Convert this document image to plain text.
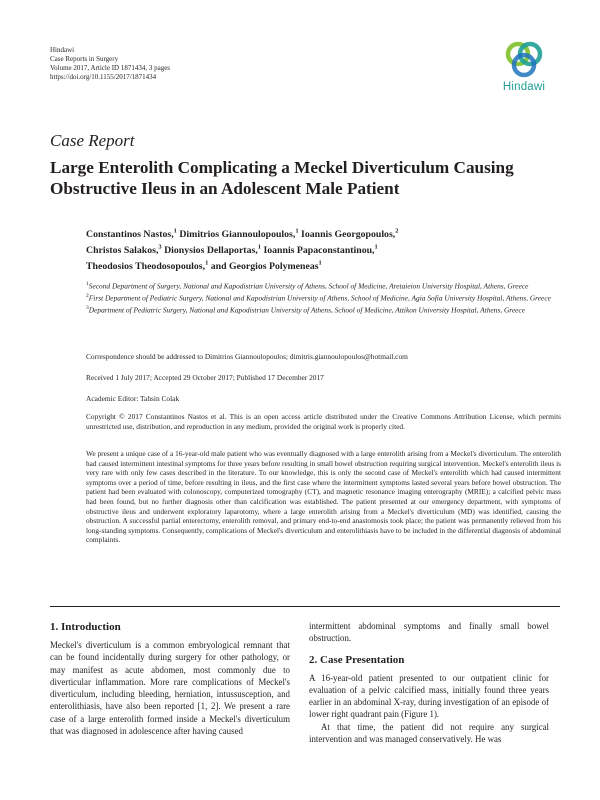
Hindawi
Case Reports in Surgery
Volume 2017, Article ID 1871434, 3 pages
https://doi.org/10.1155/2017/1871434
Hindawi
Case Report
Large Enterolith Complicating a Meckel Diverticulum Causing Obstructive Ileus in an Adolescent Male Patient
Constantinos Nastos,$^1$ Dimitrios Giannoulopoulos,$^1$ Ioannis Georgopoulos,$^2$
Christos Salakos,$^3$ Dionysios Dellaportas,$^1$ Ioannis Papaconstantinou,$^1$
Theodosios Theodosopoulos,$^1$ and Georgios Polymeneas$^1$
$^1$Second Department of Surgery, National and Kapodistrian University of Athens, School of Medicine, Aretaieion University Hospital, Athens, Greece
$^2$First Department of Pediatric Surgery, National and Kapodistrian University of Athens, School of Medicine, Agia Sofia University Hospital, Athens, Greece
$^3$Department of Pediatric Surgery, National and Kapodistrian University of Athens, School of Medicine, Attikon University Hospital, Athens, Greece
Correspondence should be addressed to Dimitrios Giannoulopoulos; dimitris.giannoulopoulos@hotmail.com
Received 1 July 2017; Accepted 29 October 2017; Published 17 December 2017
Academic Editor: Tahsin Colak
Copyright © 2017 Constantinos Nastos et al. This is an open access article distributed under the Creative Commons Attribution License, which permits unrestricted use, distribution, and reproduction in any medium, provided the original work is properly cited.
We present a unique case of a 16-year-old male patient who was eventually diagnosed with a large enterolith arising from a Meckel's diverticulum. The enterolith had caused intermittent intestinal symptoms for three years before resulting in small bowel obstruction requiring surgical intervention. Meckel's enterolith ileus is very rare with only few cases described in the literature. To our knowledge, this is only the second case of Meckel's enterolith which had caused intermittent symptoms over a period of time, before resulting in ileus, and the first case where the intermittent symptoms lasted several years before bowel obstruction. The patient had been evaluated with colonoscopy, computerized tomography (CT), and magnetic resonance imaging enterography (MRIE); a calcified pelvic mass had been found, but no further diagnosis other than calcification was established. The patient presented at our emergency department, with symptoms of obstructive ileus and underwent exploratory laparotomy, where a large enterolith arising from a Meckel's diverticulum (MD) was identified, causing the obstruction. A successful partial enterectomy, enterolith removal, and primary end-to-end anastomosis took place; the patient was permanently relieved from his long-standing symptoms. Consequently, complications of Meckel's diverticulum and enterolithiasis have to be included in the differential diagnosis of abdominal complaints.
1. Introduction

Meckel's diverticulum is a common embryological remnant that can be found incidentally during surgery for other pathology, or may manifest as acute abdomen, most commonly due to diverticular inflammation. More rare complications of Meckel's diverticulum, including bleeding, herniation, intussusception, and enterolithiasis, have also been reported [1, 2]. We present a rare case of a large enterolith formed inside a Meckel's diverticulum that was diagnosed in adolescence after having caused

intermittent abdominal symptoms and finally small bowel obstruction.

2. Case Presentation

A 16-year-old patient presented to our outpatient clinic for evaluation of a pelvic calcified mass, initially found three years earlier in an abdominal X-ray, during investigation of an episode of lower right quadrant pain (Figure 1).

At that time, the patient did not require any surgical intervention and was managed conservatively. He was
